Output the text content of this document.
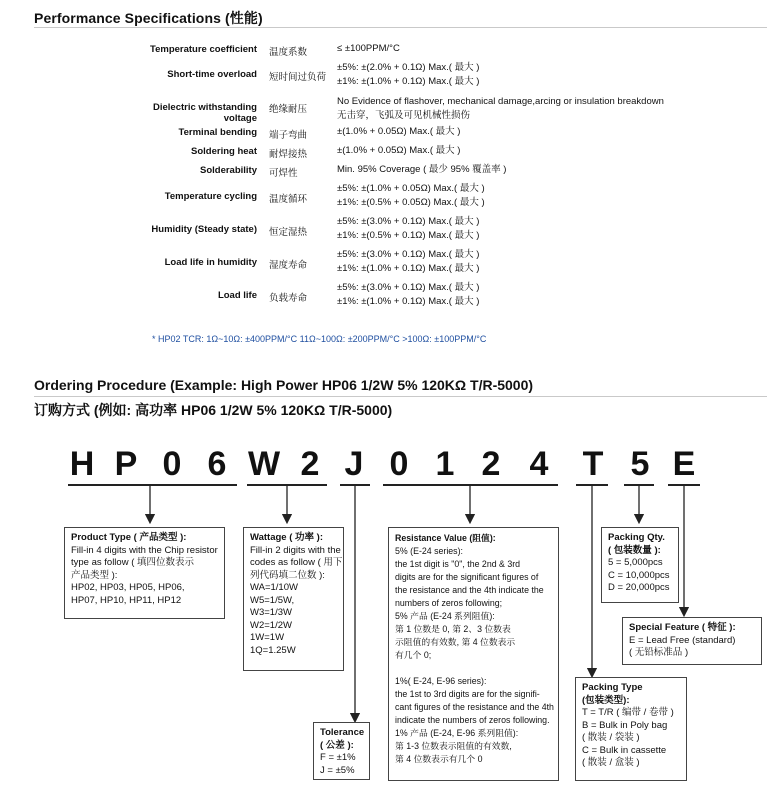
Performance Specifications (性能)
Temperature coefficient 温度系数	≤ ±100PPM/°C
Short-time overload 短时间过负荷
±5%: ±(2.0% + 0.1Ω) Max.( 最大 )
±1%: ±(1.0% + 0.1Ω) Max.( 最大 )
Dielectric withstanding voltage
绝缘耐压
No Evidence of flashover, mechanical damage,arcing or insulation breakdown
无击穿，飞弧及可见机械性损伤
Terminal bending 端子弯曲	±(1.0% + 0.05Ω) Max.( 最大 )
Soldering heat 耐焊接热	±(1.0% + 0.05Ω) Max.( 最大 )
Solderability 可焊性	Min. 95% Coverage ( 最少 95% 覆盖率 )
Temperature cycling 温度循环
±5%: ±(1.0% + 0.05Ω) Max.( 最大 )
±1%: ±(0.5% + 0.05Ω) Max.( 最大 )
Humidity (Steady state) 恒定湿热
±5%: ±(3.0% + 0.1Ω) Max.( 最大 )
±1%: ±(0.5% + 0.1Ω) Max.( 最大 )
Load life in humidity 湿度寿命
±5%: ±(3.0% + 0.1Ω) Max.( 最大 )
±1%: ±(1.0% + 0.1Ω) Max.( 最大 )
Load life 负载寿命
±5%: ±(3.0% + 0.1Ω) Max.( 最大 )
±1%: ±(1.0% + 0.1Ω) Max.( 最大 )
* HP02 TCR: 1Ω~10Ω: ±400PPM/°C 11Ω~100Ω: ±200PPM/°C >100Ω: ±100PPM/°C
Ordering Procedure (Example: High Power HP06 1/2W 5% 120KΩ T/R-5000)
订购方式 (例如: 高功率 HP06 1/2W 5% 120KΩ T/R-5000)
H P 0 6 W 2 J 0 1 2 4	T 5 E
Product Type ( 产品类型 ):
Fill-in 4 digits with the Chip resistor
type as follow ( 填四位数表示
产品类型 ):
HP02, HP03, HP05, HP06,
HP07, HP10, HP11, HP12
Wattage ( 功率 ):
Fill-in 2 digits with the
codes as follow ( 用下
列代码填二位数 ):
WA=1/10W
W5=1/5W,
W3=1/3W
W2=1/2W
1W=1W
1Q=1.25W
Tolerance
( 公差 ):
F = ±1%
J = ±5%
Resistance Value (阻值):
5% (E-24 series):
the 1st digit is "0", the 2nd & 3rd
digits are for the significant figures of
the resistance and the 4th indicate the
numbers of zeros following;
5% 产品 (E-24 系列阻值):
第 1 位数是 0, 第 2、3 位数表
示阻值的有效数, 第 4 位数表示
有几个 0;

1%( E-24, E-96 series):
the 1st to 3rd digits are for the signifi-
cant figures of the resistance and the 4th
indicate the numbers of zeros following.
1% 产品 (E-24, E-96 系列阻值):
第 1-3 位数表示阻值的有效数,
第 4 位数表示有几个 0
Packing Qty.
( 包装数量 ):
5 = 5,000pcs
C = 10,000pcs
D = 20,000pcs
Special Feature ( 特征 ):
E = Lead Free (standard)
( 无铅标准品 )
Packing Type
(包装类型):
T = T/R ( 编带 / 卷带 )
B = Bulk in Poly bag
( 散装 / 袋装 )
C = Bulk in cassette
( 散装 / 盒装 )
